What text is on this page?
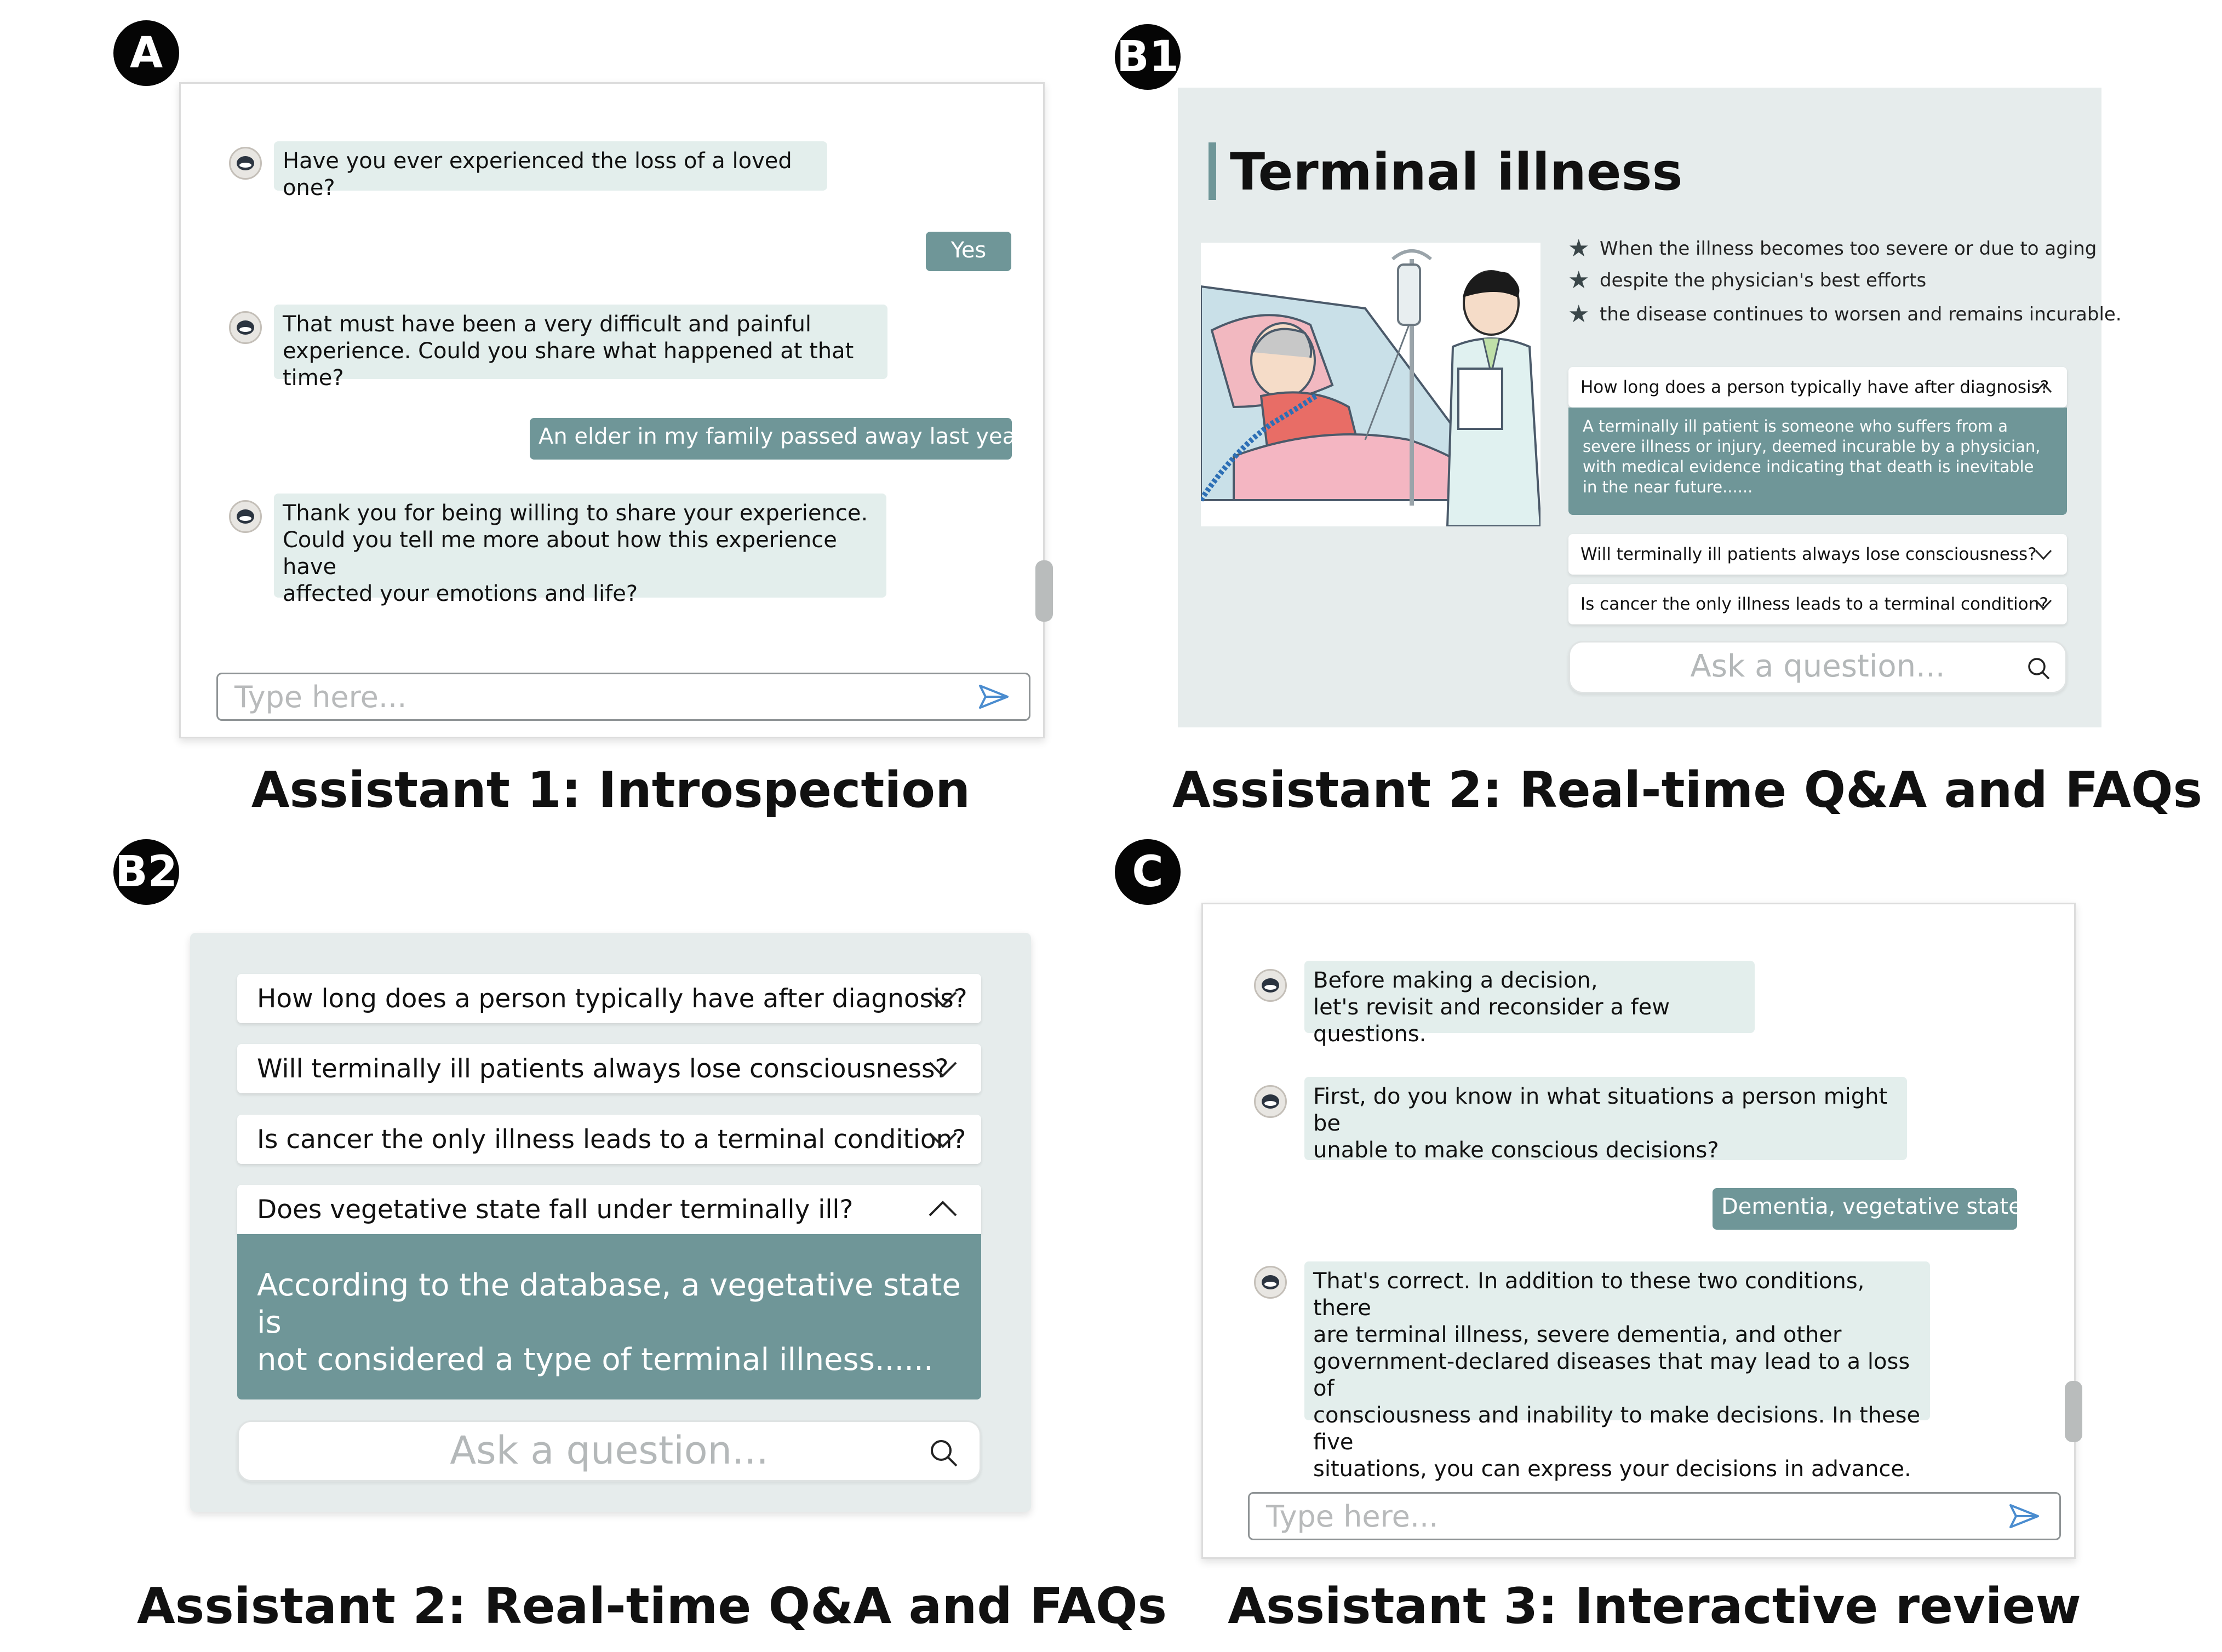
A	B1
B2	C
Assistant 1: Introspection	Assistant 2: Real-time Q&A and FAQs
Assistant 2: Real-time Q&A and FAQs Assistant 3: Interactive review
Have you ever experienced the loss of a loved one?
Yes
That must have been a very difficult and painful
experience. Could you share what happened at that time?
An elder in my family passed away last year
Thank you for being willing to share your experience.
Could you tell me more about how this experience have
affected your emotions and life?
Type here...
Terminal illness
★ When the illness becomes too severe or due to aging
★ despite the physician's best efforts
★ the disease continues to worsen and remains incurable.
How long does a person typically have after diagnosis?
A terminally ill patient is someone who suffers from a
severe illness or injury, deemed incurable by a physician,
with medical evidence indicating that death is inevitable
in the near future......
Will terminally ill patients always lose consciousness?
Is cancer the only illness leads to a terminal condition?
Ask a question...
How long does a person typically have after diagnosis?
Will terminally ill patients always lose consciousness?
Is cancer the only illness leads to a terminal condition?
Does vegetative state fall under terminally ill?
According to the database, a vegetative state is
not considered a type of terminal illness......
Ask a question...
Before making a decision,
let's revisit and reconsider a few questions.
First, do you know in what situations a person might be
unable to make conscious decisions?
Dementia, vegetative state
That's correct. In addition to these two conditions, there
are terminal illness, severe dementia, and other
government-declared diseases that may lead to a loss of
consciousness and inability to make decisions. In these five
situations, you can express your decisions in advance.
Type here...
